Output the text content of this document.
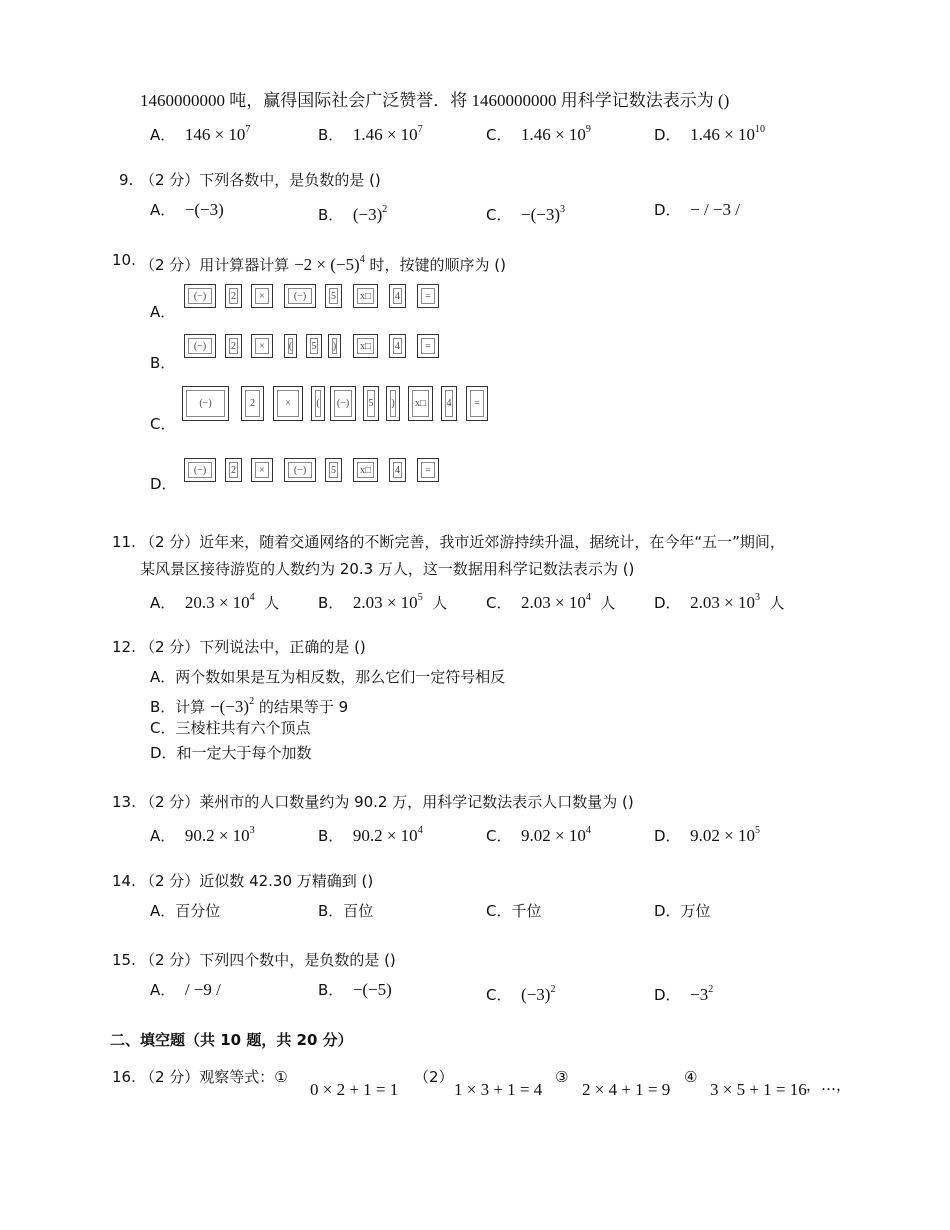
1460000000 吨，赢得国际社会广泛赞誉．将 1460000000 用科学记数法表示为 ()
A． $146 \times 10^7$	B． $1.46 \times 10^7$	C． $1.46 \times 10^9$	D． $1.46 \times 10^{10}$
9. （2 分）下列各数中，是负数的是 ()
A． −(−3)	B． $(-3)^2$	C． $-(-3)^3$	D． − / −3 /
10. （2 分）用计算器计算 $-2 \times (-5)^4$ 时，按键的顺序为 ()
A．
(−) 2 ×	(−) 5 x□ 4	=
B．
(−) 2 × ( 5 ) x□ 4	=
C．
(−)	2	×	( (−) 5 ) x□ 4 =
D．
(−) 2 ×	(−) 5 x□ 4	=
11. （2 分）近年来，随着交通网络的不断完善，我市近郊游持续升温，据统计，在今年“五一”期间，
某风景区接待游览的人数约为 20.3 万人，这一数据用科学记数法表示为 ()
A． $20.3 \times 10^4$ 人	B． $2.03 \times 10^5$ 人	C． $2.03 \times 10^4$ 人	D． $2.03 \times 10^3$ 人
12. （2 分）下列说法中，正确的是 ()
A．两个数如果是互为相反数，那么它们一定符号相反
B．计算 $-(-3)^2$ 的结果等于 9
C．三棱柱共有六个顶点
D．和一定大于每个加数
13. （2 分）莱州市的人口数量约为 90.2 万，用科学记数法表示人口数量为 ()
A． $90.2 \times 10^3$	B． $90.2 \times 10^4$	C． $9.02 \times 10^4$	D． $9.02 \times 10^5$
14. （2 分）近似数 42.30 万精确到 ()
A．百分位	B．百位	C．千位	D．万位
15. （2 分）下列四个数中，是负数的是 ()
A． / −9 /	B． −(−5)	C． $(-3)^2$	D． $-3^2$
二、填空题（共 10 题，共 20 分）
16. （2 分）观察等式：①
0 × 2 + 1 = 1
（2）
1 × 3 + 1 = 4
③
2 × 4 + 1 = 9
④
3 × 5 + 1 = 16 ，…，
